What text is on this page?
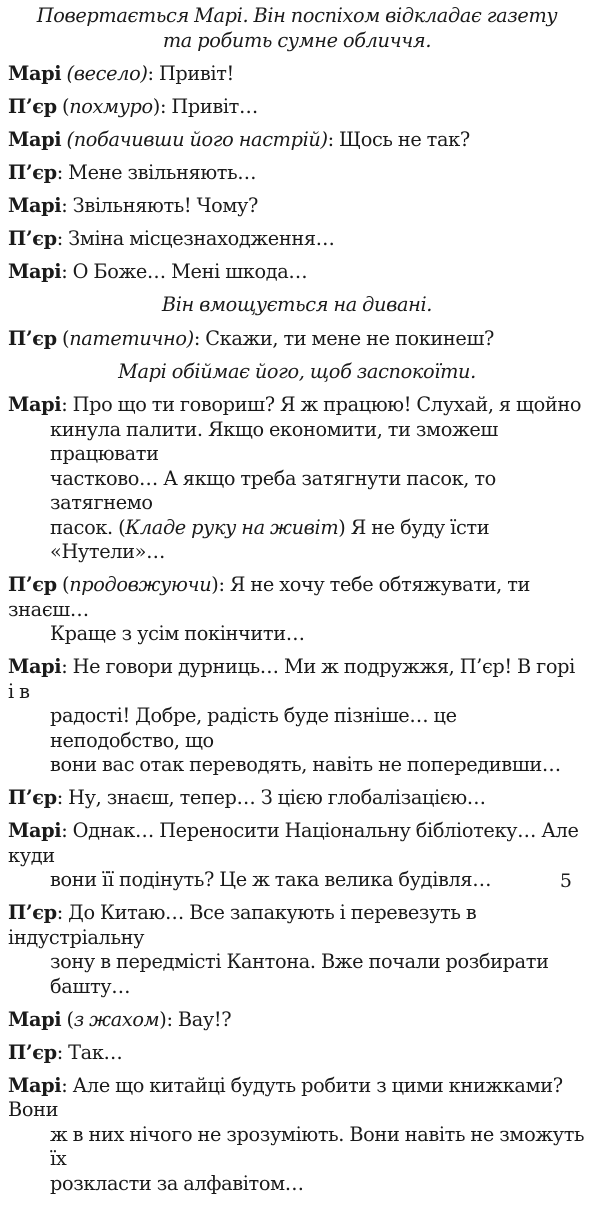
Повертається Марі. Він поспіхом відкладає газету
та робить сумне обличчя.

Марі (весело): Привіт!

П’єр (похмуро): Привіт…

Марі (побачивши його настрій): Щось не так?

П’єр: Мене звільняють…

Марі: Звільняють! Чому?

П’єр: Зміна місцезнаходження…

Марі: О Боже… Мені шкода…

Він вмощується на дивані.

П’єр (патетично): Скажи, ти мене не покинеш?

Марі обіймає його, щоб заспокоїти.

Марі: Про що ти говориш? Я ж працюю! Слухай, я щойно
кинула палити. Якщо економити, ти зможеш працювати
частково… А якщо треба затягнути пасок, то затягнемо
пасок. (Кладе руку на живіт) Я не буду їсти «Нутели»…

П’єр (продовжуючи): Я не хочу тебе обтяжувати, ти знаєш…
Краще з усім покінчити…

Марі: Не говори дурниць… Ми ж подружжя, П’єр! В горі і в
радості! Добре, радість буде пізніше… це неподобство, що
вони вас отак переводять, навіть не попередивши…

П’єр: Ну, знаєш, тепер… З цією глобалізацією…

Марі: Однак… Переносити Національну бібліотеку… Але куди
вони її подінуть? Це ж така велика будівля…

П’єр: До Китаю… Все запакують і перевезуть в індустріальну
зону в передмісті Кантона. Вже почали розбирати башту…

Марі (з жахом): Вау!?

П’єр: Так…

Марі: Але що китайці будуть робити з цими книжками? Вони
ж в них нічого не зрозуміють. Вони навіть не зможуть їх
розкласти за алфавітом…

5
